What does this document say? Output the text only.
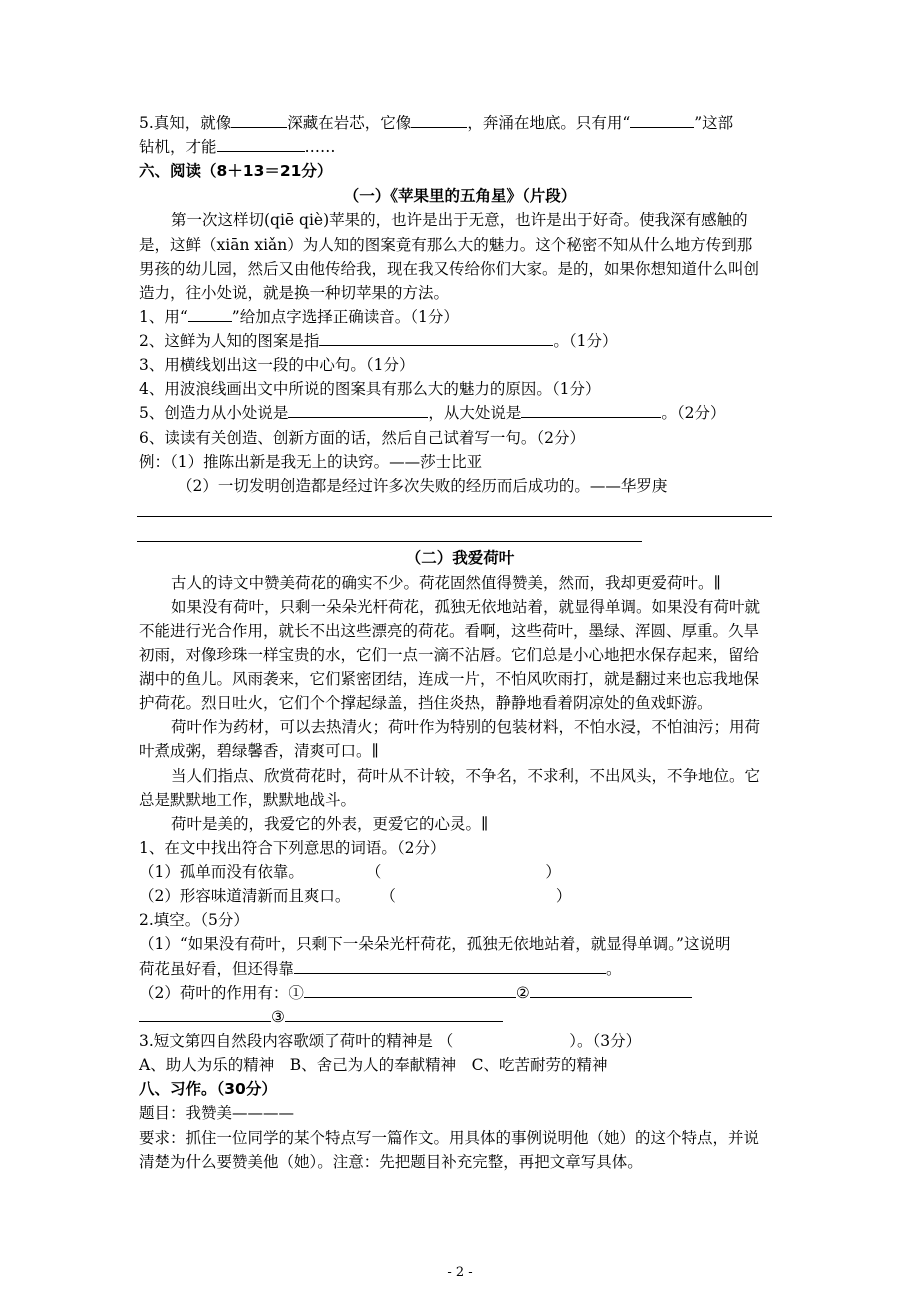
5.真知，就像	深藏在岩芯，它像	，奔涌在地底。只有用“	”这部
钻机，才能	……
六、阅读（8＋13＝21分）
（一）《苹果里的五角星》（片段）
第一次这样切(qiē qiè)苹果的，也许是出于无意，也许是出于好奇。使我深有感触的
是，这鲜（xiān xiǎn）为人知的图案竟有那么大的魅力。这个秘密不知从什么地方传到那
男孩的幼儿园，然后又由他传给我，现在我又传给你们大家。是的，如果你想知道什么叫创
造力，往小处说，就是换一种切苹果的方法。
1、用“	”给加点字选择正确读音。（1分）
2、这鲜为人知的图案是指	。（1分）
3、用横线划出这一段的中心句。（1分）
4、用波浪线画出文中所说的图案具有那么大的魅力的原因。（1分）
5、创造力从小处说是	，从大处说是	。（2分）
6、读读有关创造、创新方面的话，然后自己试着写一句。（2分）
例：（1）推陈出新是我无上的诀窍。——莎士比亚
（2）一切发明创造都是经过许多次失败的经历而后成功的。——华罗庚
（二）我爱荷叶
古人的诗文中赞美荷花的确实不少。荷花固然值得赞美，然而，我却更爱荷叶。∥
如果没有荷叶，只剩一朵朵光杆荷花，孤独无依地站着，就显得单调。如果没有荷叶就
不能进行光合作用，就长不出这些漂亮的荷花。看啊，这些荷叶，墨绿、浑圆、厚重。久旱
初雨，对像珍珠一样宝贵的水，它们一点一滴不沾唇。它们总是小心地把水保存起来，留给
湖中的鱼儿。风雨袭来，它们紧密团结，连成一片，不怕风吹雨打，就是翻过来也忘我地保
护荷花。烈日吐火，它们个个撑起绿盖，挡住炎热，静静地看着阴凉处的鱼戏虾游。
荷叶作为药材，可以去热清火；荷叶作为特别的包装材料，不怕水浸，不怕油污；用荷
叶煮成粥，碧绿馨香，清爽可口。∥
当人们指点、欣赏荷花时，荷叶从不计较，不争名，不求利，不出风头，不争地位。它
总是默默地工作，默默地战斗。
荷叶是美的，我爱它的外表，更爱它的心灵。∥
1、在文中找出符合下列意思的词语。（2分）
（1）孤单而没有依靠。	（	）
（2）形容味道清新而且爽口。 （	）
2.填空。（5分）
（1）“如果没有荷叶，只剩下一朵朵光杆荷花，孤独无依地站着，就显得单调。”这说明
荷花虽好看，但还得靠	。
（2）荷叶的作用有：①	②
③
3.短文第四自然段内容歌颂了荷叶的精神是 （	）。（3分）
A、助人为乐的精神　B、舍己为人的奉献精神　C、吃苦耐劳的精神
八、习作。（30分）
题目：我赞美————
要求：抓住一位同学的某个特点写一篇作文。用具体的事例说明他（她）的这个特点，并说
清楚为什么要赞美他（她）。注意：先把题目补充完整，再把文章写具体。
- 2 -
